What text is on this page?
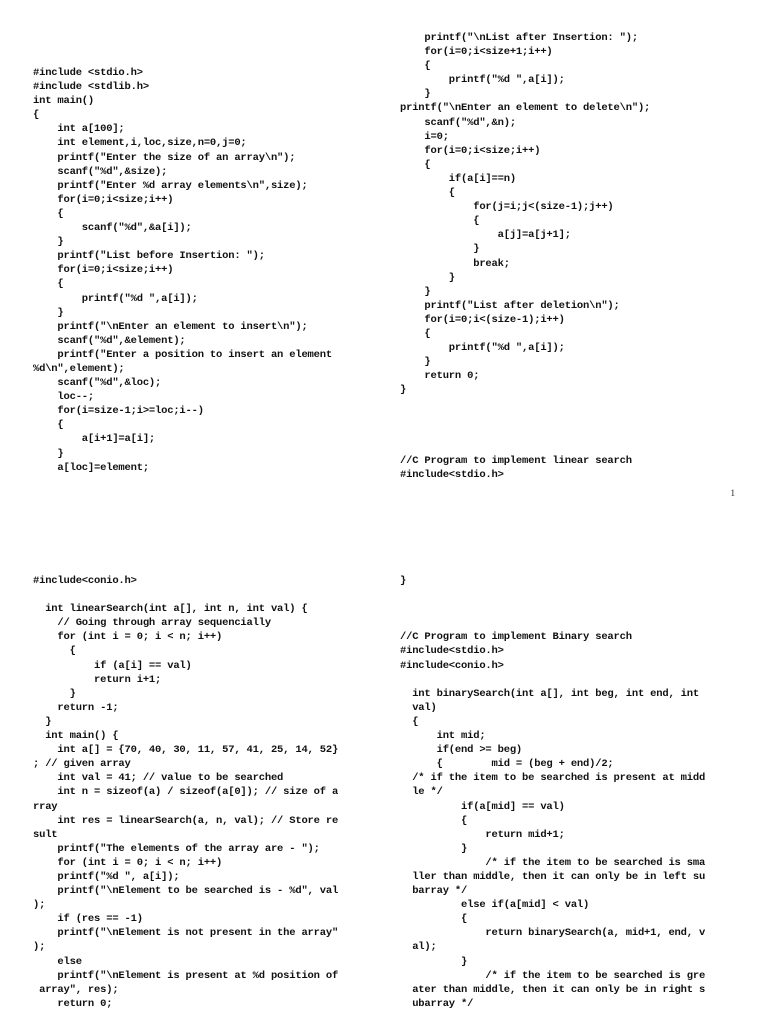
#include <stdio.h>
#include <stdlib.h>
int main()
{
int a[100];
int element,i,loc,size,n=0,j=0;
printf("Enter the size of an array\n");
scanf("%d",&size);
printf("Enter %d array elements\n",size);
for(i=0;i<size;i++)
{
scanf("%d",&a[i]);
}
printf("List before Insertion: ");
for(i=0;i<size;i++)
{
printf("%d ",a[i]);
}
printf("\nEnter an element to insert\n");
scanf("%d",&element);
printf("Enter a position to insert an element
%d\n",element);
scanf("%d",&loc);
loc--;
for(i=size-1;i>=loc;i--)
{
a[i+1]=a[i];
}
a[loc]=element;
printf("\nList after Insertion: ");
for(i=0;i<size+1;i++)
{
printf("%d ",a[i]);
}
printf("\nEnter an element to delete\n");
scanf("%d",&n);
i=0;
for(i=0;i<size;i++)
{
if(a[i]==n)
{
for(j=i;j<(size-1);j++)
{
a[j]=a[j+1];
}
break;
}
}
printf("List after deletion\n");
for(i=0;i<(size-1);i++)
{
printf("%d ",a[i]);
}
return 0;
}
//C Program to implement linear search
#include<stdio.h>
1
#include<conio.h>
int linearSearch(int a[], int n, int val) {
// Going through array sequencially
for (int i = 0; i < n; i++)
{
if (a[i] == val)
return i+1;
}
return -1;
}
int main() {
int a[] = {70, 40, 30, 11, 57, 41, 25, 14, 52}
; // given array
int val = 41; // value to be searched
int n = sizeof(a) / sizeof(a[0]); // size of a
rray
int res = linearSearch(a, n, val); // Store re
sult
printf("The elements of the array are - ");
for (int i = 0; i < n; i++)
printf("%d ", a[i]);
printf("\nElement to be searched is - %d", val
);
if (res == -1)
printf("\nElement is not present in the array"
);
else
printf("\nElement is present at %d position of
array", res);
return 0;
}
//C Program to implement Binary search
#include<stdio.h>
#include<conio.h>
int binarySearch(int a[], int beg, int end, int
val)
{
int mid;
if(end >= beg)
{        mid = (beg + end)/2;
/* if the item to be searched is present at midd
le */
if(a[mid] == val)
{
return mid+1;
}
/* if the item to be searched is sma
ller than middle, then it can only be in left su
barray */
else if(a[mid] < val)
{
return binarySearch(a, mid+1, end, v
al);
}
/* if the item to be searched is gre
ater than middle, then it can only be in right s
ubarray */
